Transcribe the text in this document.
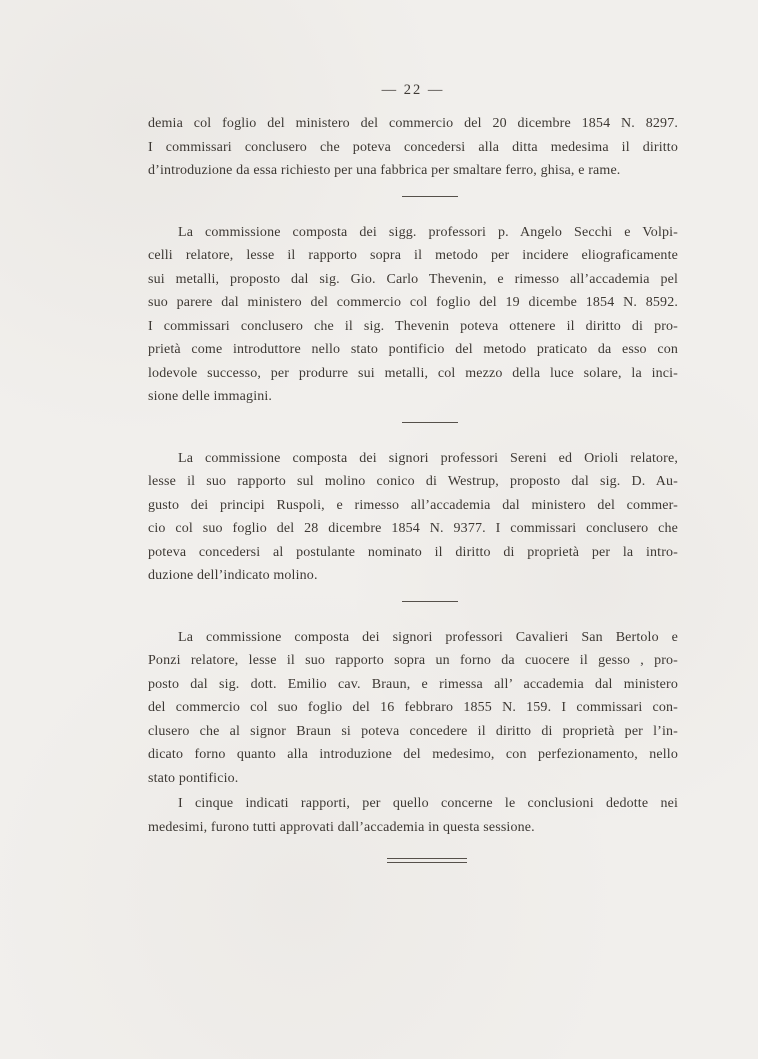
— 22 —
demia col foglio del ministero del commercio del 20 dicembre 1854 N. 8297.
I commissari conclusero che poteva concedersi alla ditta medesima il diritto
d’introduzione da essa richiesto per una fabbrica per smaltare ferro, ghisa, e rame.
La commissione composta dei sigg. professori p. Angelo Secchi e Volpi-
celli relatore, lesse il rapporto sopra il metodo per incidere eliograficamente
sui metalli, proposto dal sig. Gio. Carlo Thevenin, e rimesso all’accademia pel
suo parere dal ministero del commercio col foglio del 19 dicembe 1854 N. 8592.
I commissari conclusero che il sig. Thevenin poteva ottenere il diritto di pro-
prietà come introduttore nello stato pontificio del metodo praticato da esso con
lodevole successo, per produrre sui metalli, col mezzo della luce solare, la inci-
sione delle immagini.
La commissione composta dei signori professori Sereni ed Orioli relatore,
lesse il suo rapporto sul molino conico di Westrup, proposto dal sig. D. Au-
gusto dei principi Ruspoli, e rimesso all’accademia dal ministero del commer-
cio col suo foglio del 28 dicembre 1854 N. 9377. I commissari conclusero che
poteva concedersi al postulante nominato il diritto di proprietà per la intro-
duzione dell’indicato molino.
La commissione composta dei signori professori Cavalieri San Bertolo e
Ponzi relatore, lesse il suo rapporto sopra un forno da cuocere il gesso , pro-
posto dal sig. dott. Emilio cav. Braun, e rimessa all’ accademia dal ministero
del commercio col suo foglio del 16 febbraro 1855 N. 159. I commissari con-
clusero che al signor Braun si poteva concedere il diritto di proprietà per l’in-
dicato forno quanto alla introduzione del medesimo, con perfezionamento, nello
stato pontificio.
I cinque indicati rapporti, per quello concerne le conclusioni dedotte nei
medesimi, furono tutti approvati dall’accademia in questa sessione.
